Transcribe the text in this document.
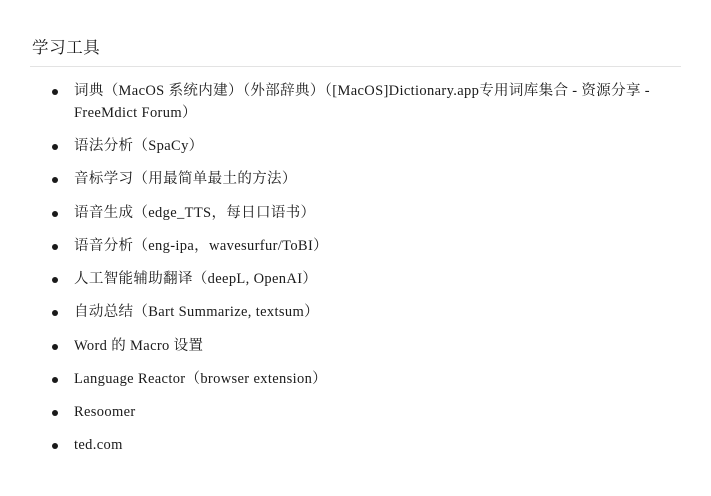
学习工具
词典（MacOS 系统内建）（外部辞典）（[MacOS]Dictionary.app专用词库集合 - 资源分享 - FreeMdict Forum）
语法分析（SpaCy）
音标学习（用最简单最土的方法）
语音生成（edge_TTS，每日口语书）
语音分析（eng-ipa，wavesurfur/ToBI）
人工智能辅助翻译（deepL, OpenAI）
自动总结（Bart Summarize, textsum）
Word 的 Macro 设置
Language Reactor（browser extension）
Resoomer
ted.com
